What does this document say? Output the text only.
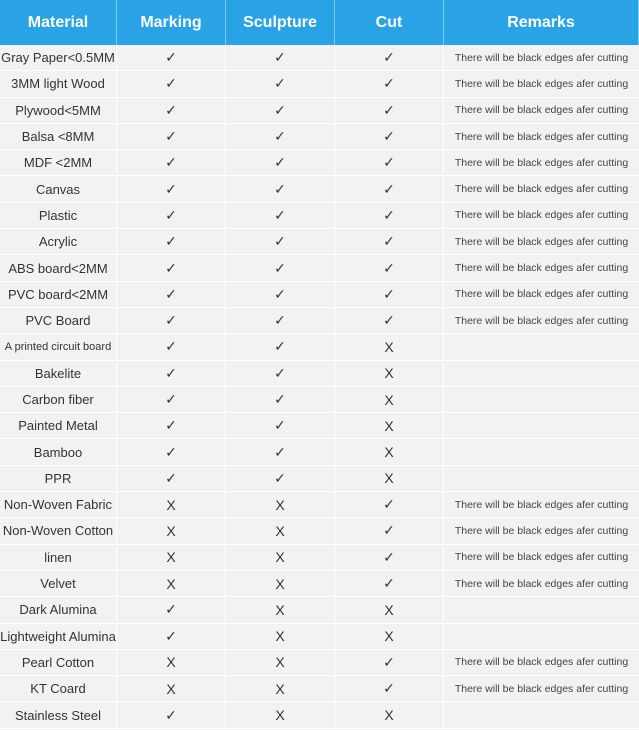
Material	Marking	Sculpture	Cut	Remarks
Gray Paper<0.5MM	✓	✓	✓	There will be black edges afer cutting
3MM light Wood	✓	✓	✓	There will be black edges afer cutting
Plywood<5MM	✓	✓	✓	There will be black edges afer cutting
Balsa <8MM	✓	✓	✓	There will be black edges afer cutting
MDF <2MM	✓	✓	✓	There will be black edges afer cutting
Canvas	✓	✓	✓	There will be black edges afer cutting
Plastic	✓	✓	✓	There will be black edges afer cutting
Acrylic	✓	✓	✓	There will be black edges afer cutting
ABS board<2MM	✓	✓	✓	There will be black edges afer cutting
PVC board<2MM	✓	✓	✓	There will be black edges afer cutting
PVC Board	✓	✓	✓	There will be black edges afer cutting
A printed circuit board	✓	✓	X
Bakelite	✓	✓	X
Carbon fiber	✓	✓	X
Painted Metal	✓	✓	X
Bamboo	✓	✓	X
PPR	✓	✓	X
Non-Woven Fabric	X	X	✓	There will be black edges afer cutting
Non-Woven Cotton	X	X	✓	There will be black edges afer cutting
linen	X	X	✓	There will be black edges afer cutting
Velvet	X	X	✓	There will be black edges afer cutting
Dark Alumina	✓	X	X
Lightweight Alumina	✓	X	X
Pearl Cotton	X	X	✓	There will be black edges afer cutting
KT Coard	X	X	✓	There will be black edges afer cutting
Stainless Steel	✓	X	X
